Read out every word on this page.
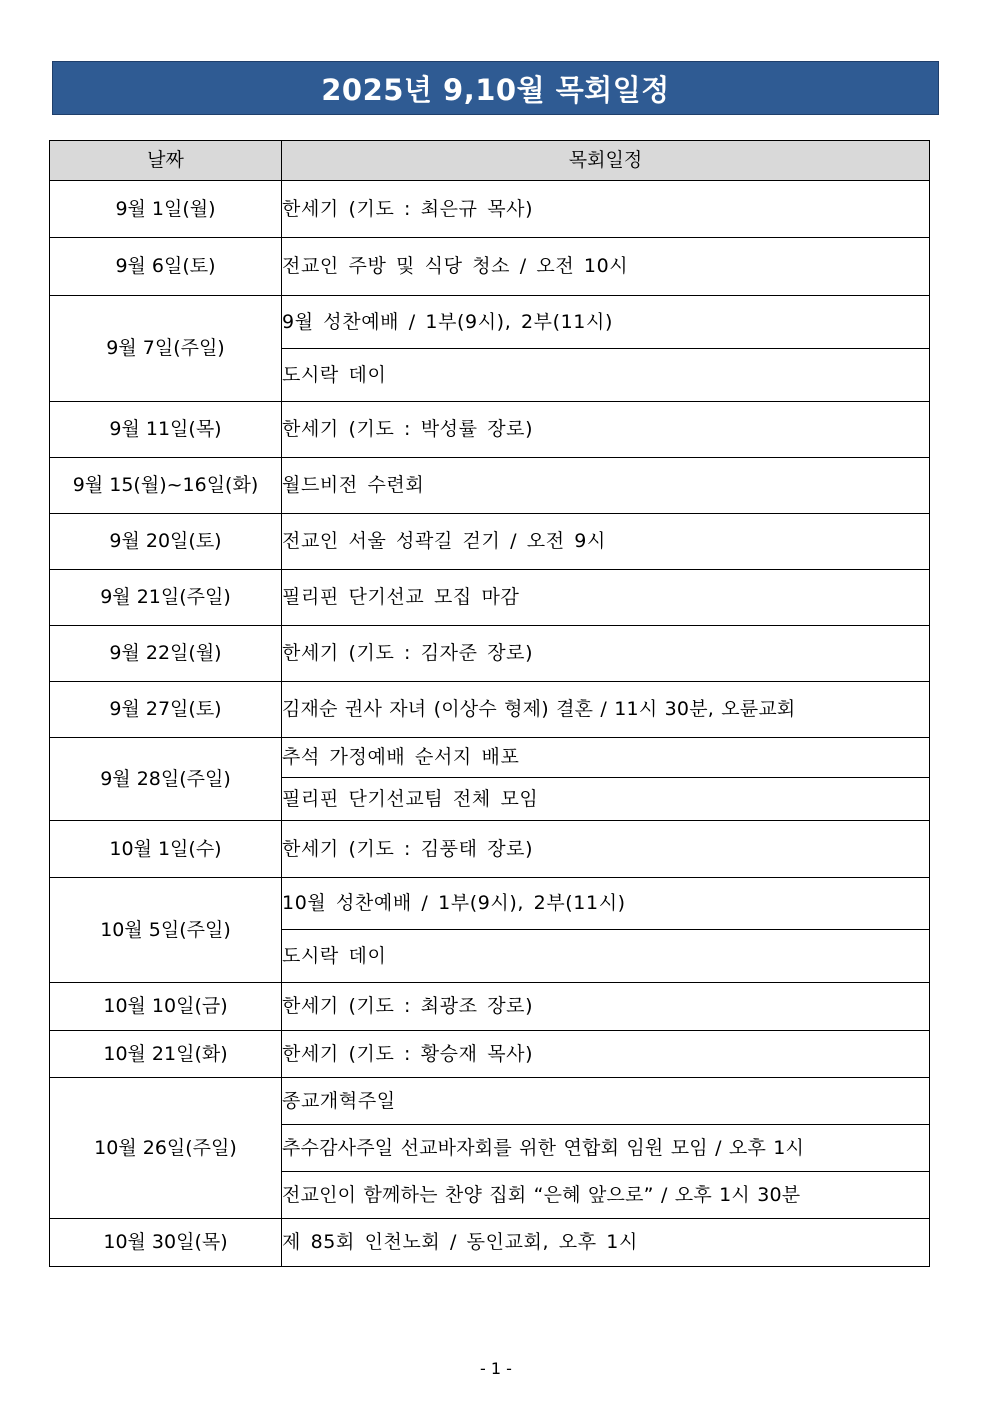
2025년 9,10월 목회일정
날짜	목회일정
9월 1일(월)	한세기 (기도 : 최은규 목사)
9월 6일(토)	전교인 주방 및 식당 청소 / 오전 10시
9월 7일(주일)	9월 성찬예배 / 1부(9시), 2부(11시)
	도시락 데이
9월 11일(목)	한세기 (기도 : 박성률 장로)
9월 15(월)~16일(화)	월드비전 수련회
9월 20일(토)	전교인 서울 성곽길 걷기 / 오전 9시
9월 21일(주일)	필리핀 단기선교 모집 마감
9월 22일(월)	한세기 (기도 : 김자준 장로)
9월 27일(토)	김재순 권사 자녀 (이상수 형제) 결혼 / 11시 30분, 오륜교회
9월 28일(주일)	추석 가정예배 순서지 배포
	필리핀 단기선교팀 전체 모임
10월 1일(수)	한세기 (기도 : 김풍태 장로)
10월 5일(주일)	10월 성찬예배 / 1부(9시), 2부(11시)
	도시락 데이
10월 10일(금)	한세기 (기도 : 최광조 장로)
10월 21일(화)	한세기 (기도 : 황승재 목사)
10월 26일(주일)	종교개혁주일
	추수감사주일 선교바자회를 위한 연합회 임원 모임 / 오후 1시
	전교인이 함께하는 찬양 집회 “은혜 앞으로” / 오후 1시 30분
10월 30일(목)	제 85회 인천노회 / 동인교회, 오후 1시
- 1 -
